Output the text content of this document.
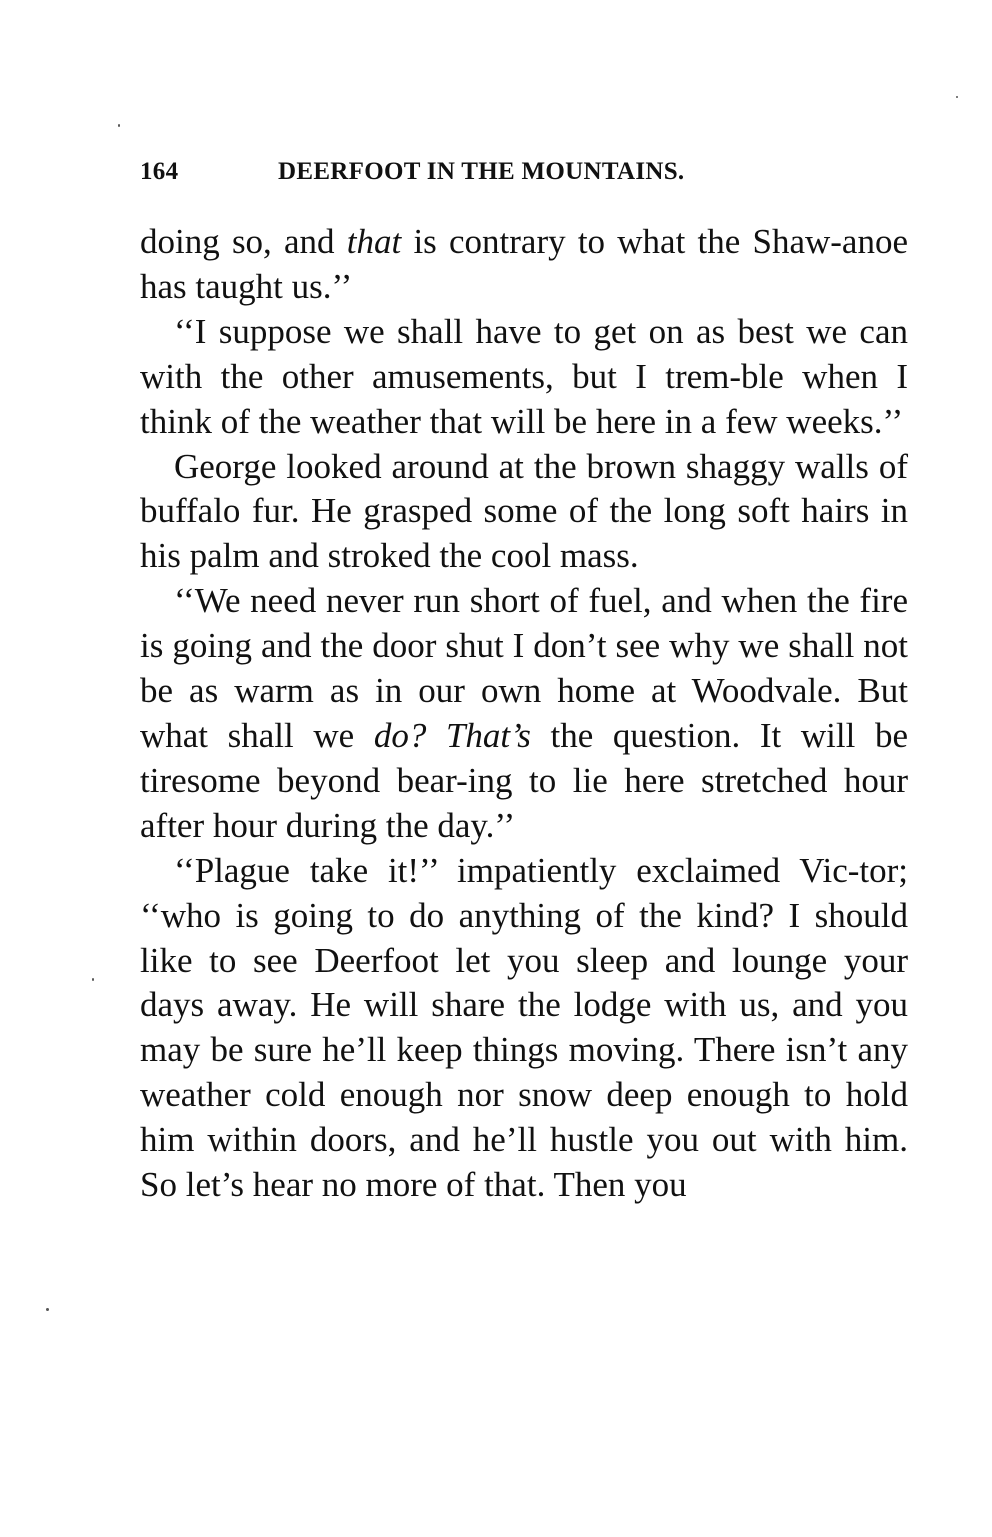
164	DEERFOOT IN THE MOUNTAINS.

doing so, and that is contrary to what the Shaw-anoe has taught us.’’

‘‘I suppose we shall have to get on as best we can with the other amusements, but I trem-ble when I think of the weather that will be here in a few weeks.’’

George looked around at the brown shaggy walls of buffalo fur. He grasped some of the long soft hairs in his palm and stroked the cool mass.

‘‘We need never run short of fuel, and when the fire is going and the door shut I don’t see why we shall not be as warm as in our own home at Woodvale. But what shall we do? That’s the question. It will be tiresome beyond bear-ing to lie here stretched hour after hour during the day.’’

‘‘Plague take it!’’ impatiently exclaimed Vic-tor; ‘‘who is going to do anything of the kind? I should like to see Deerfoot let you sleep and lounge your days away. He will share the lodge with us, and you may be sure he’ll keep things moving. There isn’t any weather cold enough nor snow deep enough to hold him within doors, and he’ll hustle you out with him. So let’s hear no more of that. Then you
